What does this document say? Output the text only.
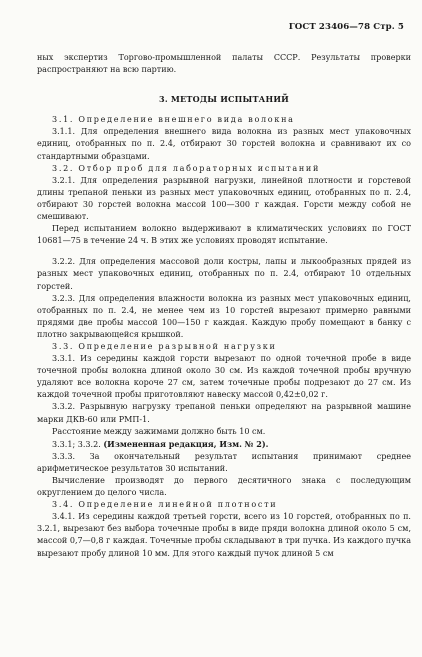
ГОСТ 23406—78 Стр. 5

ных экспертиз Торгово-промышленной палаты СССР. Результаты проверки распространяют на всю партию.

3. МЕТОДЫ ИСПЫТАНИЙ

3.1. Определение внешнего вида волокна

3.1.1. Для определения внешнего вида волокна из разных мест упаковочных единиц, отобранных по п. 2.4, отбирают 30 горстей волокна и сравнивают их со стандартными образцами.

3.2. Отбор проб для лабораторных испытаний

3.2.1. Для определения разрывной нагрузки, линейной плотности и горстевой длины трепаной пеньки из разных мест упаковочных единиц, отобранных по п. 2.4, отбирают 30 горстей волокна массой 100—300 г каждая. Горсти между собой не смешивают.

Перед испытанием волокно выдерживают в климатических условиях по ГОСТ 10681—75 в течение 24 ч. В этих же условиях проводят испытание.

3.2.2. Для определения массовой доли костры, лапы и лыкообразных прядей из разных мест упаковочных единиц, отобранных по п. 2.4, отбирают 10 отдельных горстей.

3.2.3. Для определения влажности волокна из разных мест упаковочных единиц, отобранных по п. 2.4, не менее чем из 10 горстей вырезают примерно равными прядями две пробы массой 100—150 г каждая. Каждую пробу помещают в банку с плотно закрывающейся крышкой.

3.3. Определение разрывной нагрузки

3.3.1. Из середины каждой горсти вырезают по одной точечной пробе в виде точечной пробы волокна длиной около 30 см. Из каждой точечной пробы вручную удаляют все волокна короче 27 см, затем точечные пробы подрезают до 27 см. Из каждой точечной пробы приготовляют навеску массой 0,42±0,02 г.

3.3.2. Разрывную нагрузку трепаной пеньки определяют на разрывной машине марки ДКВ-60 или РМП-1.

Расстояние между зажимами должно быть 10 см.

3.3.1; 3.3.2. (Измененная редакция, Изм. № 2).

3.3.3. За окончательный результат испытания принимают среднее арифметическое результатов 30 испытаний.

Вычисление производят до первого десятичного знака с последующим округлением до целого числа.

3.4. Определение линейной плотности

3.4.1. Из середины каждой третьей горсти, всего из 10 горстей, отобранных по п. 3.2.1, вырезают без выбора точечные пробы в виде пряди волокна длиной около 5 см, массой 0,7—0,8 г каждая. Точечные пробы складывают в три пучка. Из каждого пучка вырезают пробу длиной 10 мм. Для этого каждый пучок длиной 5 см
